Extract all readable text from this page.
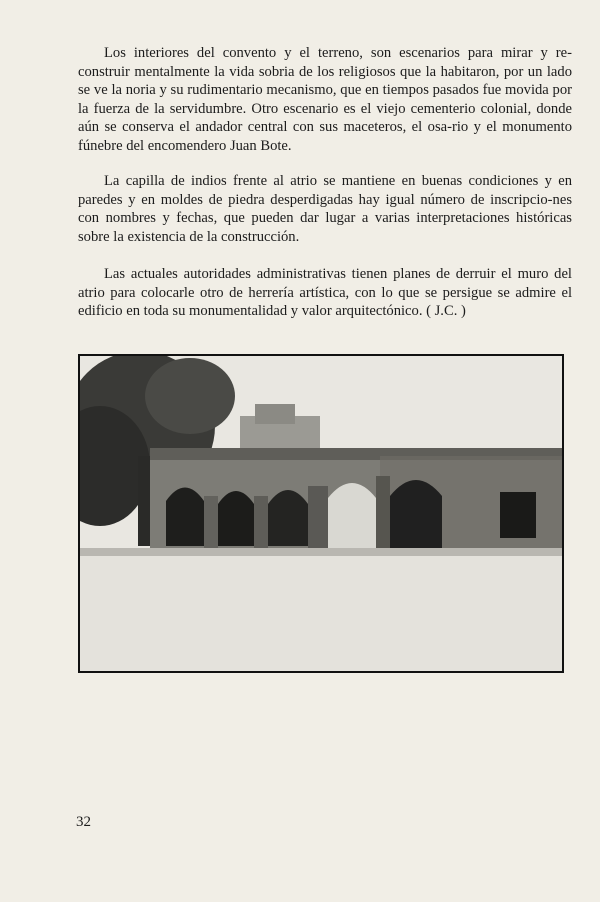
Los interiores del convento y el terreno, son escenarios para mirar y re-construir mentalmente la vida sobria de los religiosos que la habitaron, por un lado se ve la noria y su rudimentario mecanismo, que en tiempos pasados fue movida por la fuerza de la servidumbre. Otro escenario es el viejo cementerio colonial, donde aún se conserva el andador central con sus maceteros, el osa-rio y el monumento fúnebre del encomendero Juan Bote.

La capilla de indios frente al atrio se mantiene en buenas condiciones y en paredes y en moldes de piedra desperdigadas hay igual número de inscripcio-nes con nombres y fechas, que pueden dar lugar a varias interpretaciones históricas sobre la existencia de la construcción.

Las actuales autoridades administrativas tienen planes de derruir el muro del atrio para colocarle otro de herrería artística, con lo que se persigue se admire el edificio en toda su monumentalidad y valor arquitectónico. ( J.C. )

32
